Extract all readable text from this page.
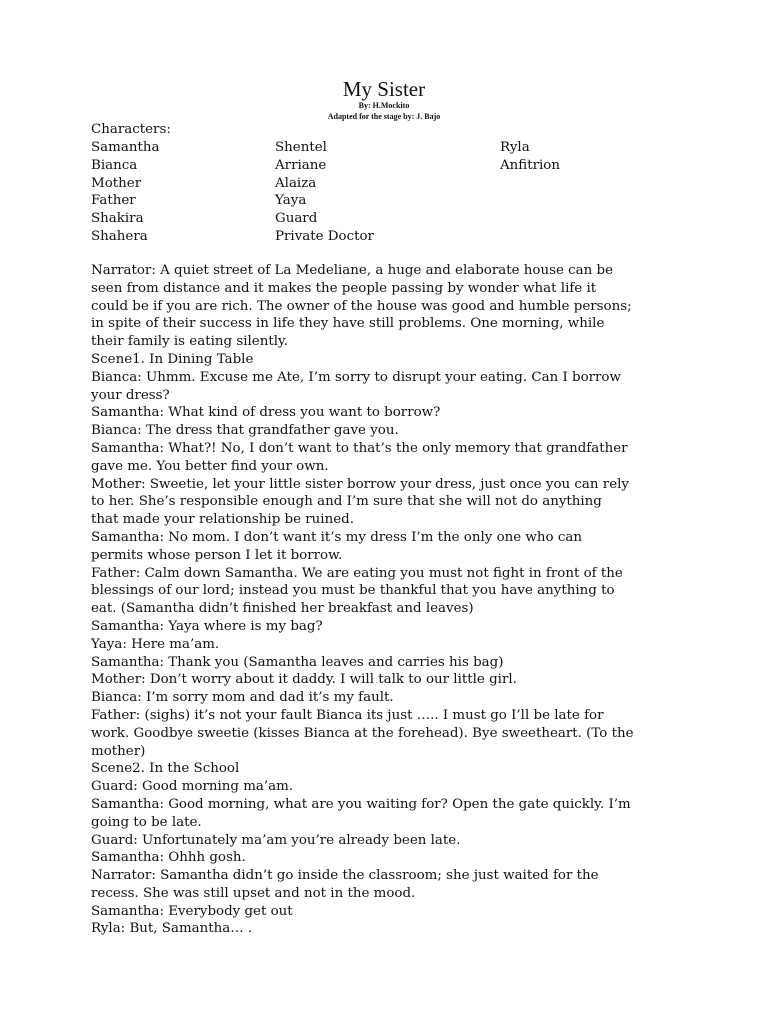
My Sister
By: H.Mockito
Adapted for the stage by: J. Bajo
Characters:
Samantha
Bianca
Mother
Father
Shakira
Shahera
Shentel
Arriane
Alaiza
Yaya
Guard
Private Doctor
Ryla
Anfitrion
Narrator: A quiet street of La Medeliane, a huge and elaborate house can be
seen from distance and it makes the people passing by wonder what life it
could be if you are rich. The owner of the house was good and humble persons;
in spite of their success in life they have still problems. One morning, while
their family is eating silently.
Scene1. In Dining Table
Bianca: Uhmm. Excuse me Ate, I’m sorry to disrupt your eating. Can I borrow
your dress?
Samantha: What kind of dress you want to borrow?
Bianca: The dress that grandfather gave you.
Samantha: What?! No, I don’t want to that’s the only memory that grandfather
gave me. You better find your own.
Mother: Sweetie, let your little sister borrow your dress, just once you can rely
to her. She’s responsible enough and I’m sure that she will not do anything
that made your relationship be ruined.
Samantha: No mom. I don’t want it’s my dress I’m the only one who can
permits whose person I let it borrow.
Father: Calm down Samantha. We are eating you must not fight in front of the
blessings of our lord; instead you must be thankful that you have anything to
eat. (Samantha didn’t finished her breakfast and leaves)
Samantha: Yaya where is my bag?
Yaya: Here ma’am.
Samantha: Thank you (Samantha leaves and carries his bag)
Mother: Don’t worry about it daddy. I will talk to our little girl.
Bianca: I’m sorry mom and dad it’s my fault.
Father: (sighs) it’s not your fault Bianca its just ….. I must go I’ll be late for
work. Goodbye sweetie (kisses Bianca at the forehead). Bye sweetheart. (To the
mother)
Scene2. In the School
Guard: Good morning ma’am.
Samantha: Good morning, what are you waiting for? Open the gate quickly. I’m
going to be late.
Guard: Unfortunately ma’am you’re already been late.
Samantha: Ohhh gosh.
Narrator: Samantha didn’t go inside the classroom; she just waited for the
recess. She was still upset and not in the mood.
Samantha: Everybody get out
Ryla: But, Samantha… .
